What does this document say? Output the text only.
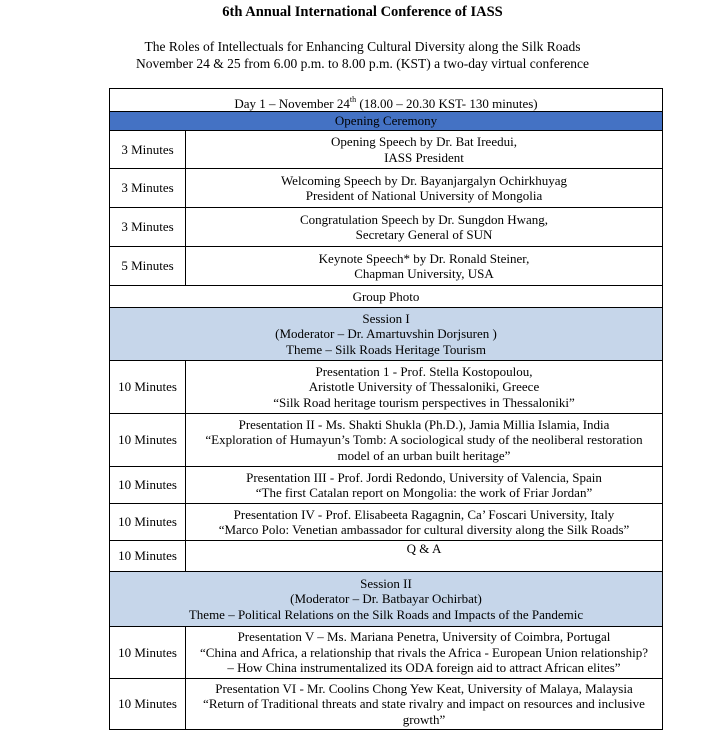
6th Annual International Conference of IASS
The Roles of Intellectuals for Enhancing Cultural Diversity along the Silk Roads
November 24 & 25 from 6.00 p.m. to 8.00 p.m. (KST) a two-day virtual conference
Day 1 – November 24th (18.00 – 20.30 KST- 130 minutes)	
Opening Ceremony	
3 Minutes	Opening Speech by Dr. Bat Ireedui,
IASS President

3 Minutes	Welcoming Speech by Dr. Bayanjargalyn Ochirkhuyag
President of National University of Mongolia

3 Minutes	Congratulation Speech by Dr. Sungdon Hwang,
Secretary General of SUN

5 Minutes	Keynote Speech* by Dr. Ronald Steiner,
Chapman University, USA

Group Photo	

Session I
(Moderator – Dr. Amartuvshin Dorjsuren )
Theme – Silk Roads Heritage Tourism	

10 Minutes	Presentation 1 - Prof. Stella Kostopoulou,
Aristotle University of Thessaloniki, Greece
“Silk Road heritage tourism perspectives in Thessaloniki”

10 Minutes	Presentation II - Ms. Shakti Shukla (Ph.D.), Jamia Millia Islamia, India
“Exploration of Humayun’s Tomb: A sociological study of the neoliberal restoration
model of an urban built heritage”

10 Minutes	Presentation III - Prof. Jordi Redondo, University of Valencia, Spain
“The first Catalan report on Mongolia: the work of Friar Jordan”

10 Minutes	Presentation IV - Prof. Elisabeeta Ragagnin, Ca’ Foscari University, Italy
“Marco Polo: Venetian ambassador for cultural diversity along the Silk Roads”

10 Minutes	Q & A

Session II
(Moderator – Dr. Batbayar Ochirbat)
Theme – Political Relations on the Silk Roads and Impacts of the Pandemic	

10 Minutes	Presentation V – Ms. Mariana Penetra, University of Coimbra, Portugal
“China and Africa, a relationship that rivals the Africa - European Union relationship?
– How China instrumentalized its ODA foreign aid to attract African elites”

10 Minutes	Presentation VI - Mr. Coolins Chong Yew Keat, University of Malaya, Malaysia
“Return of Traditional threats and state rivalry and impact on resources and inclusive
growth”
